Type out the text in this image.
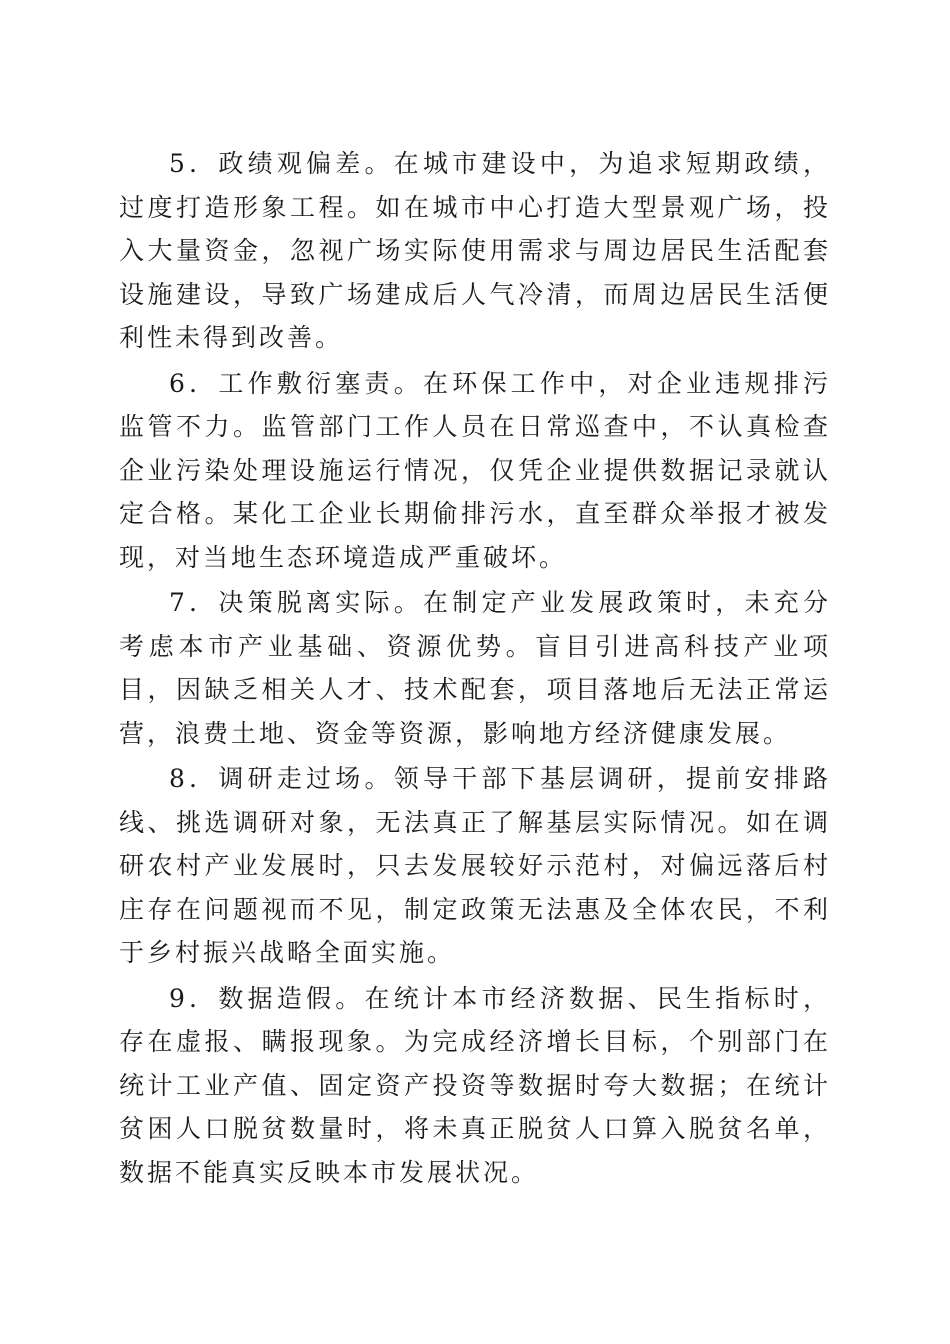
5．政绩观偏差。在城市建设中，为追求短期政绩，过度打造形象工程。如在城市中心打造大型景观广场，投入大量资金，忽视广场实际使用需求与周边居民生活配套设施建设，导致广场建成后人气冷清，而周边居民生活便利性未得到改善。

6．工作敷衍塞责。在环保工作中，对企业违规排污监管不力。监管部门工作人员在日常巡查中，不认真检查企业污染处理设施运行情况，仅凭企业提供数据记录就认定合格。某化工企业长期偷排污水，直至群众举报才被发现，对当地生态环境造成严重破坏。

7．决策脱离实际。在制定产业发展政策时，未充分考虑本市产业基础、资源优势。盲目引进高科技产业项目，因缺乏相关人才、技术配套，项目落地后无法正常运营，浪费土地、资金等资源，影响地方经济健康发展。

8．调研走过场。领导干部下基层调研，提前安排路线、挑选调研对象，无法真正了解基层实际情况。如在调研农村产业发展时，只去发展较好示范村，对偏远落后村庄存在问题视而不见，制定政策无法惠及全体农民，不利于乡村振兴战略全面实施。

9．数据造假。在统计本市经济数据、民生指标时，存在虚报、瞒报现象。为完成经济增长目标，个别部门在统计工业产值、固定资产投资等数据时夸大数据；在统计贫困人口脱贫数量时，将未真正脱贫人口算入脱贫名单，数据不能真实反映本市发展状况。
